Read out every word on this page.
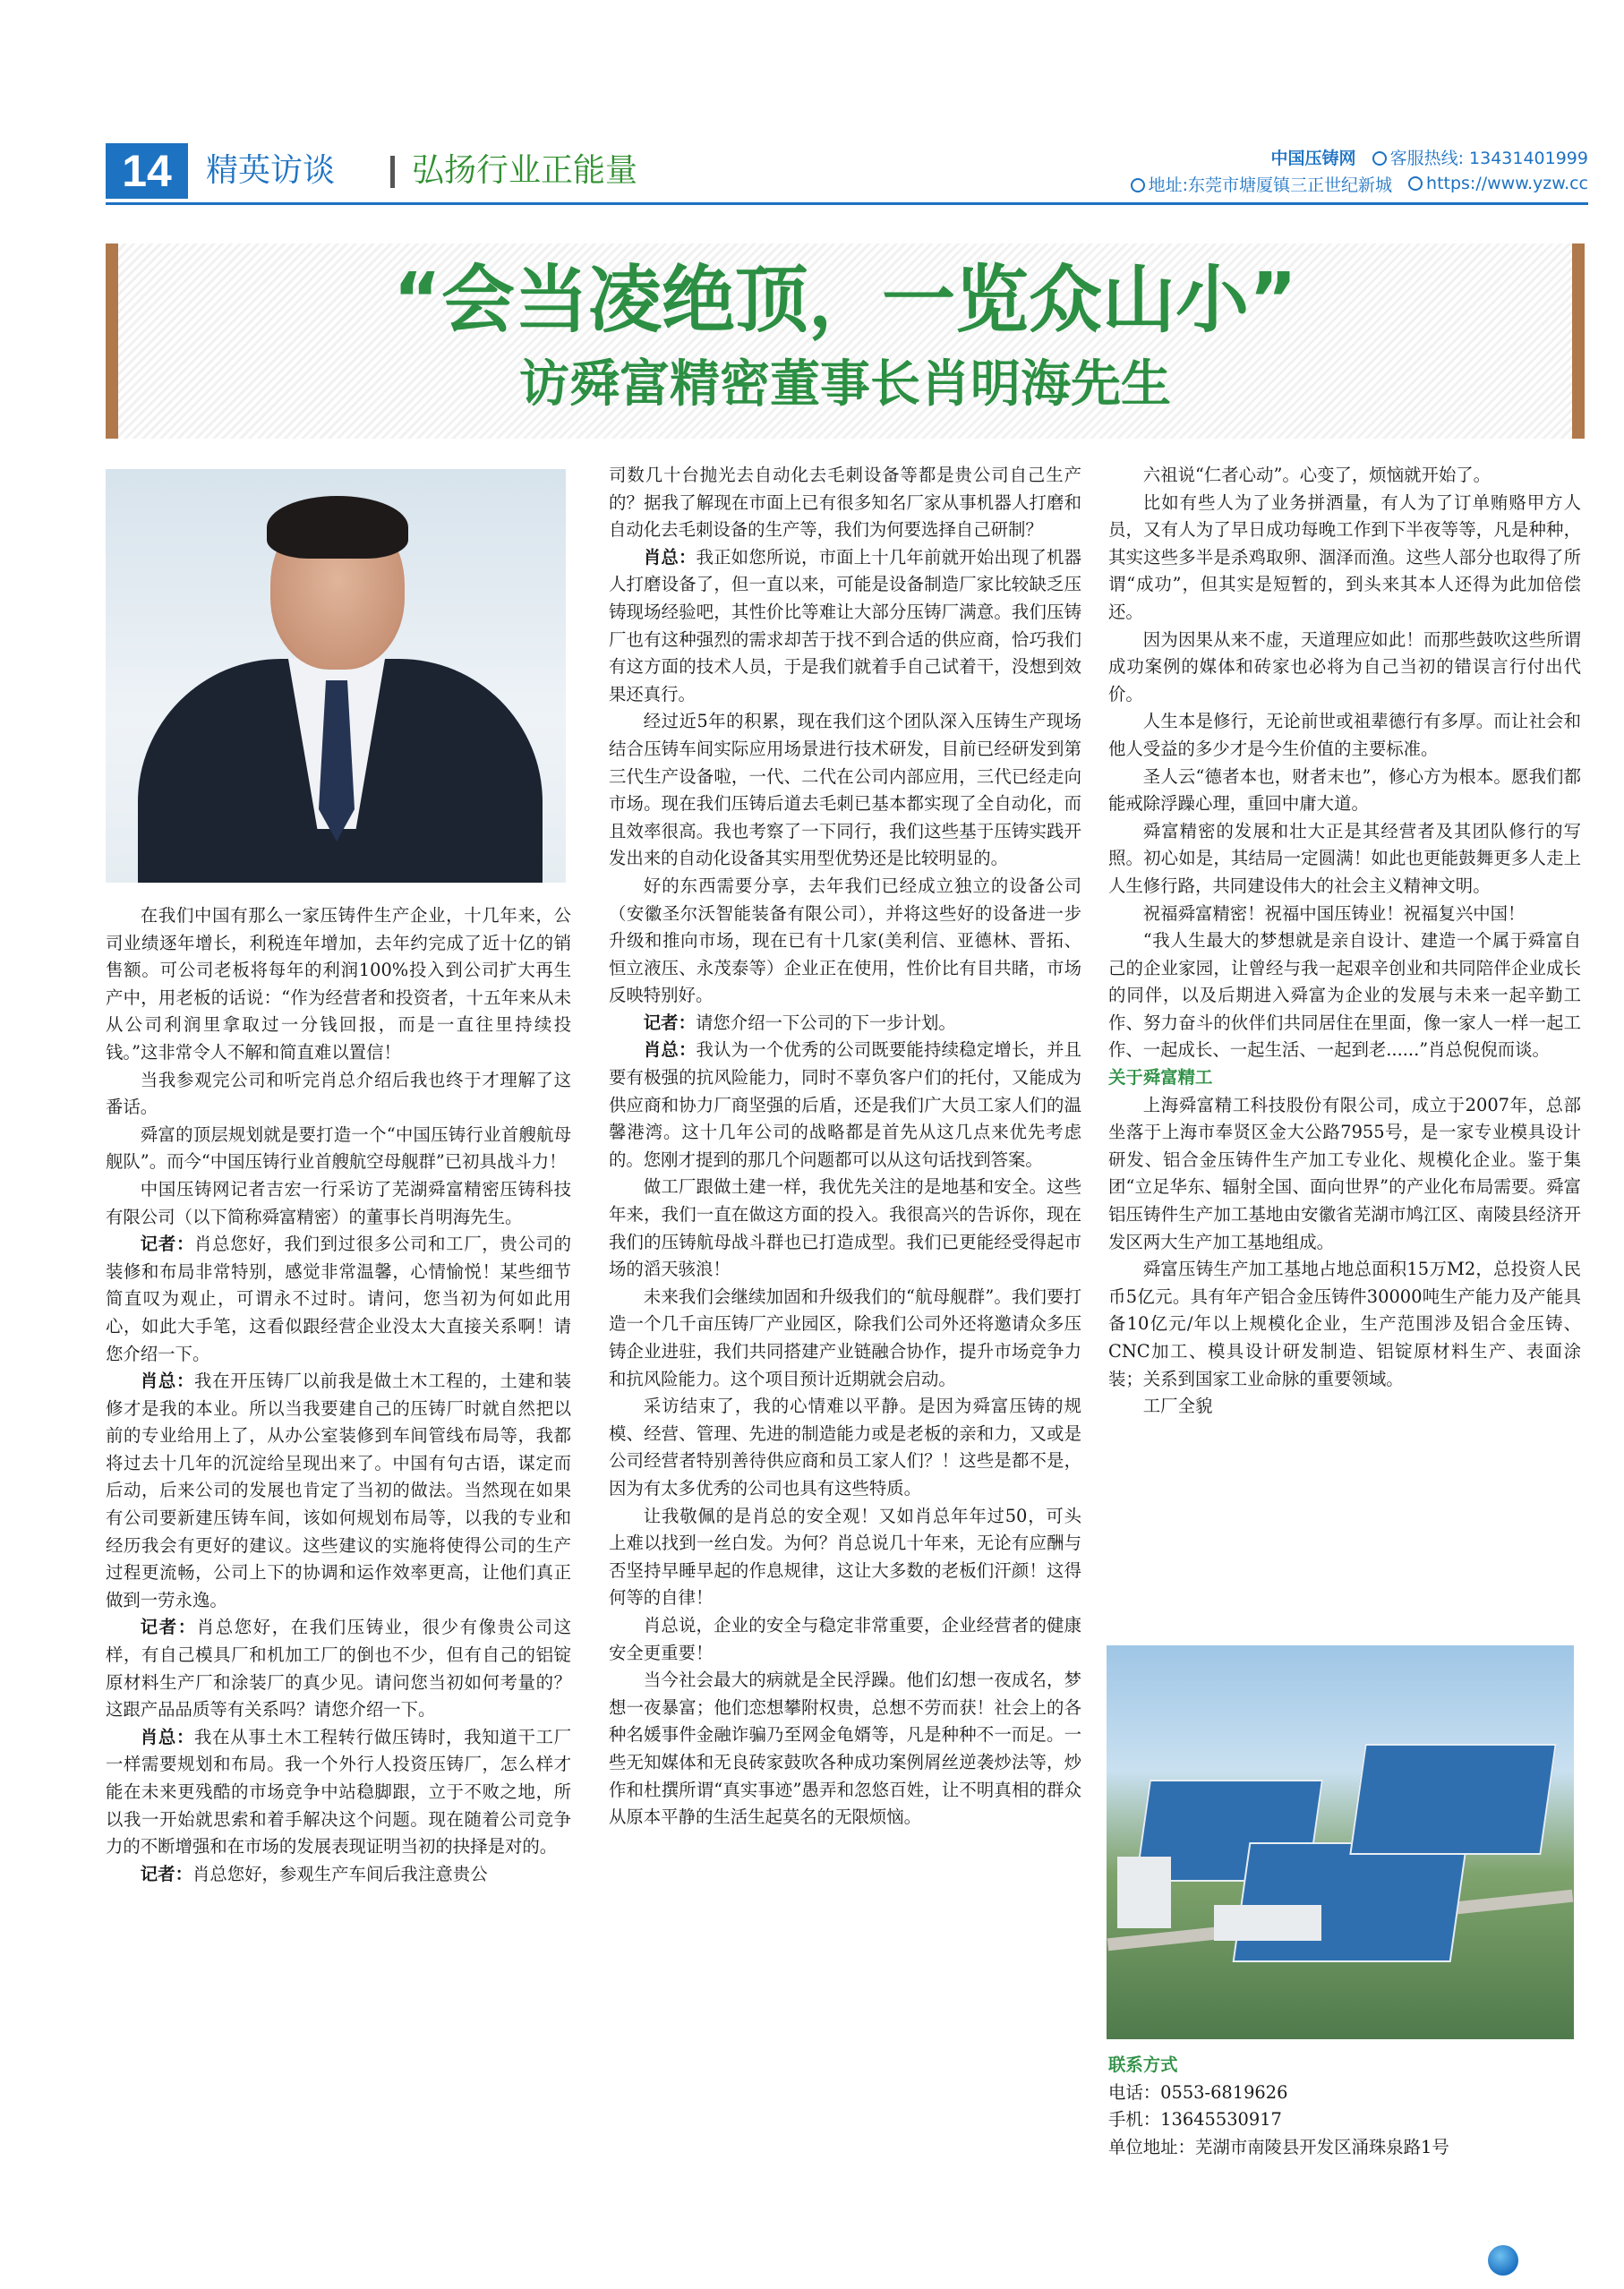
14	精英访谈 弘扬行业正能量	中国压铸网	客服热线: 13431401999
地址:东莞市塘厦镇三正世纪新城	https://www.yzw.cc
“会当凌绝顶，一览众山小”
访舜富精密董事长肖明海先生

在我们中国有那么一家压铸件生产企业，十几年来，公司业绩逐年增长，利税连年增加，去年约完成了近十亿的销售额。可公司老板将每年的利润100%投入到公司扩大再生产中，用老板的话说：“作为经营者和投资者，十五年来从未从公司利润里拿取过一分钱回报，而是一直往里持续投钱。”这非常令人不解和简直难以置信！

当我参观完公司和听完肖总介绍后我也终于才理解了这番话。

舜富的顶层规划就是要打造一个“中国压铸行业首艘航母舰队”。而今“中国压铸行业首艘航空母舰群”已初具战斗力！

中国压铸网记者吉宏一行采访了芜湖舜富精密压铸科技有限公司（以下简称舜富精密）的董事长肖明海先生。

记者：肖总您好，我们到过很多公司和工厂，贵公司的装修和布局非常特别，感觉非常温馨，心情愉悦！某些细节简直叹为观止，可谓永不过时。请问，您当初为何如此用心，如此大手笔，这看似跟经营企业没太大直接关系啊！请您介绍一下。

肖总：我在开压铸厂以前我是做土木工程的，土建和装修才是我的本业。所以当我要建自己的压铸厂时就自然把以前的专业给用上了，从办公室装修到车间管线布局等，我都将过去十几年的沉淀给呈现出来了。中国有句古语，谋定而后动，后来公司的发展也肯定了当初的做法。当然现在如果有公司要新建压铸车间，该如何规划布局等，以我的专业和经历我会有更好的建议。这些建议的实施将使得公司的生产过程更流畅，公司上下的协调和运作效率更高，让他们真正做到一劳永逸。

记者：肖总您好，在我们压铸业，很少有像贵公司这样，有自己模具厂和机加工厂的倒也不少，但有自己的铝锭原材料生产厂和涂装厂的真少见。请问您当初如何考量的？这跟产品品质等有关系吗？请您介绍一下。

肖总：我在从事土木工程转行做压铸时，我知道干工厂一样需要规划和布局。我一个外行人投资压铸厂，怎么样才能在未来更残酷的市场竞争中站稳脚跟，立于不败之地，所以我一开始就思索和着手解决这个问题。现在随着公司竞争力的不断增强和在市场的发展表现证明当初的抉择是对的。

记者：肖总您好，参观生产车间后我注意贵公

司数几十台抛光去自动化去毛刺设备等都是贵公司自己生产的？据我了解现在市面上已有很多知名厂家从事机器人打磨和自动化去毛刺设备的生产等，我们为何要选择自己研制？

肖总：我正如您所说，市面上十几年前就开始出现了机器人打磨设备了，但一直以来，可能是设备制造厂家比较缺乏压铸现场经验吧，其性价比等难让大部分压铸厂满意。我们压铸厂也有这种强烈的需求却苦于找不到合适的供应商，恰巧我们有这方面的技术人员，于是我们就着手自己试着干，没想到效果还真行。

经过近5年的积累，现在我们这个团队深入压铸生产现场结合压铸车间实际应用场景进行技术研发，目前已经研发到第三代生产设备啦，一代、二代在公司内部应用，三代已经走向市场。现在我们压铸后道去毛刺已基本都实现了全自动化，而且效率很高。我也考察了一下同行，我们这些基于压铸实践开发出来的自动化设备其实用型优势还是比较明显的。

好的东西需要分享，去年我们已经成立独立的设备公司（安徽圣尔沃智能装备有限公司），并将这些好的设备进一步升级和推向市场，现在已有十几家(美利信、亚德林、晋拓、恒立液压、永茂泰等）企业正在使用，性价比有目共睹，市场反映特别好。

记者：请您介绍一下公司的下一步计划。

肖总：我认为一个优秀的公司既要能持续稳定增长，并且要有极强的抗风险能力，同时不辜负客户们的托付，又能成为供应商和协力厂商坚强的后盾，还是我们广大员工家人们的温馨港湾。这十几年公司的战略都是首先从这几点来优先考虑的。您刚才提到的那几个问题都可以从这句话找到答案。

做工厂跟做土建一样，我优先关注的是地基和安全。这些年来，我们一直在做这方面的投入。我很高兴的告诉你，现在我们的压铸航母战斗群也已打造成型。我们已更能经受得起市场的滔天骇浪！

未来我们会继续加固和升级我们的“航母舰群”。我们要打造一个几千亩压铸厂产业园区，除我们公司外还将邀请众多压铸企业进驻，我们共同搭建产业链融合协作，提升市场竞争力和抗风险能力。这个项目预计近期就会启动。

采访结束了，我的心情难以平静。是因为舜富压铸的规模、经营、管理、先进的制造能力或是老板的亲和力，又或是公司经营者特别善待供应商和员工家人们？！这些是都不是，因为有太多优秀的公司也具有这些特质。

让我敬佩的是肖总的安全观！又如肖总年年过50，可头上难以找到一丝白发。为何？肖总说几十年来，无论有应酬与否坚持早睡早起的作息规律，这让大多数的老板们汗颜！这得何等的自律！

肖总说，企业的安全与稳定非常重要，企业经营者的健康安全更重要！

当今社会最大的病就是全民浮躁。他们幻想一夜成名，梦想一夜暴富；他们恋想攀附权贵，总想不劳而获！社会上的各种名媛事件金融诈骗乃至网金龟婿等，凡是种种不一而足。一些无知媒体和无良砖家鼓吹各种成功案例屑丝逆袭炒法等，炒作和杜撰所谓“真实事迹”愚弄和忽悠百姓，让不明真相的群众从原本平静的生活生起莫名的无限烦恼。

六祖说“仁者心动”。心变了，烦恼就开始了。

比如有些人为了业务拼酒量，有人为了订单贿赂甲方人员，又有人为了早日成功每晚工作到下半夜等等，凡是种种，其实这些多半是杀鸡取卵、涸泽而渔。这些人部分也取得了所谓“成功”，但其实是短暂的，到头来其本人还得为此加倍偿还。

因为因果从来不虚，天道理应如此！而那些鼓吹这些所谓成功案例的媒体和砖家也必将为自己当初的错误言行付出代价。

人生本是修行，无论前世或祖辈德行有多厚。而让社会和他人受益的多少才是今生价值的主要标准。

圣人云“德者本也，财者末也”，修心方为根本。愿我们都能戒除浮躁心理，重回中庸大道。

舜富精密的发展和壮大正是其经营者及其团队修行的写照。初心如是，其结局一定圆满！如此也更能鼓舞更多人走上人生修行路，共同建设伟大的社会主义精神文明。

祝福舜富精密！祝福中国压铸业！祝福复兴中国！

“我人生最大的梦想就是亲自设计、建造一个属于舜富自己的企业家园，让曾经与我一起艰辛创业和共同陪伴企业成长的同伴，以及后期进入舜富为企业的发展与未来一起辛勤工作、努力奋斗的伙伴们共同居住在里面，像一家人一样一起工作、一起成长、一起生活、一起到老......”肖总倪倪而谈。

关于舜富精工

上海舜富精工科技股份有限公司，成立于2007年，总部坐落于上海市奉贤区金大公路7955号，是一家专业模具设计研发、铝合金压铸件生产加工专业化、规模化企业。鉴于集团“立足华东、辐射全国、面向世界”的产业化布局需要。舜富铝压铸件生产加工基地由安徽省芜湖市鸠江区、南陵县经济开发区两大生产加工基地组成。

舜富压铸生产加工基地占地总面积15万M2，总投资人民币5亿元。具有年产铝合金压铸件30000吨生产能力及产能具备10亿元/年以上规模化企业，生产范围涉及铝合金压铸、CNC加工、模具设计研发制造、铝锭原材料生产、表面涂装；关系到国家工业命脉的重要领域。

工厂全貌

联系方式

电话：0553-6819626

手机：13645530917

单位地址：芜湖市南陵县开发区涌珠泉路1号
